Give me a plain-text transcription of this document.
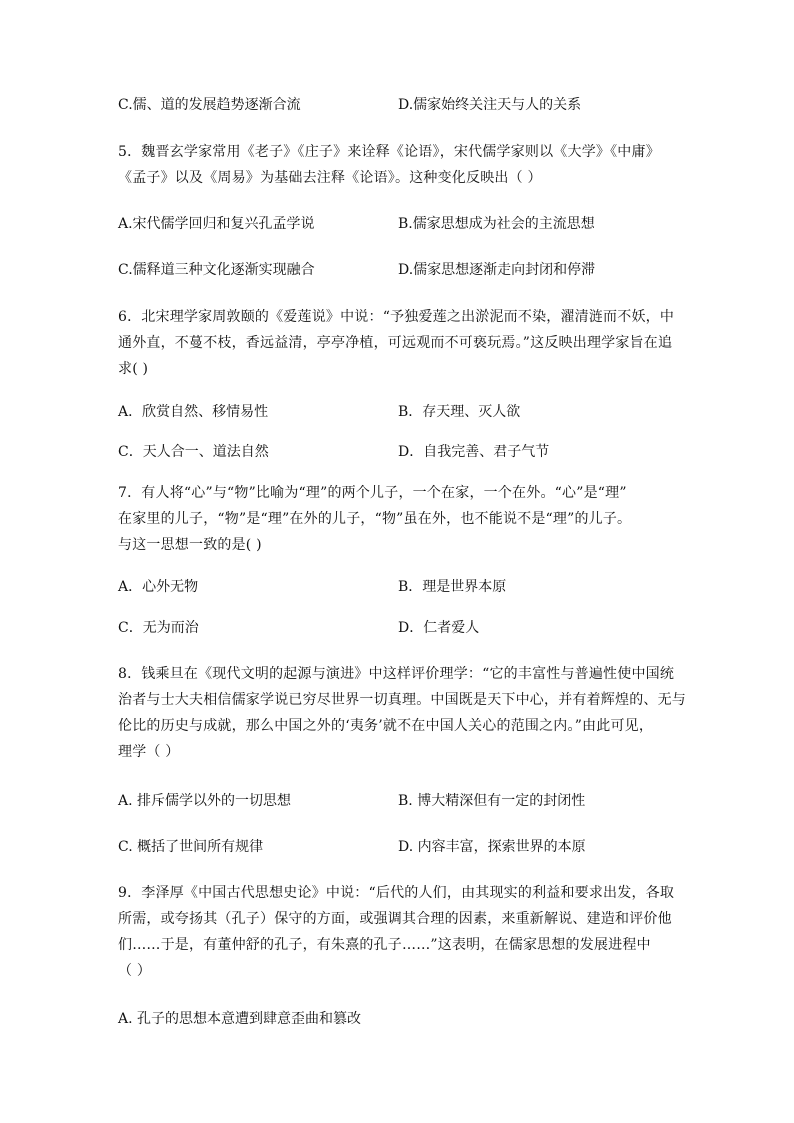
C.儒、道的发展趋势逐渐合流	D.儒家始终关注天与人的关系
5．魏晋玄学家常用《老子》《庄子》来诠释《论语》，宋代儒学家则以《大学》《中庸》
《孟子》以及《周易》为基础去注释《论语》。这种变化反映出（ ）
A.宋代儒学回归和复兴孔孟学说	B.儒家思想成为社会的主流思想
C.儒释道三种文化逐渐实现融合	D.儒家思想逐渐走向封闭和停滞
6．北宋理学家周敦颐的《爱莲说》中说：“予独爱莲之出淤泥而不染，濯清涟而不妖，中
通外直，不蔓不枝，香远益清，亭亭净植，可远观而不可亵玩焉。”这反映出理学家旨在追
求( )
A．欣赏自然、移情易性	B．存天理、灭人欲
C．天人合一、道法自然	D．自我完善、君子气节
7．有人将“心”与“物”比喻为“理”的两个儿子，一个在家，一个在外。“心”是“理”
在家里的儿子，“物”是“理”在外的儿子，“物”虽在外，也不能说不是“理”的儿子。
与这一思想一致的是( )
A．心外无物	B．理是世界本原
C．无为而治	D．仁者爱人
8．钱乘旦在《现代文明的起源与演进》中这样评价理学：“它的丰富性与普遍性使中国统
治者与士大夫相信儒家学说已穷尽世界一切真理。中国既是天下中心，并有着辉煌的、无与
伦比的历史与成就，那么中国之外的‘夷务’就不在中国人关心的范围之内。”由此可见，
理学（ ）
A. 排斥儒学以外的一切思想	B. 博大精深但有一定的封闭性
C. 概括了世间所有规律	D. 内容丰富，探索世界的本原
9．李泽厚《中国古代思想史论》中说：“后代的人们，由其现实的利益和要求出发，各取
所需，或夸扬其（孔子）保守的方面，或强调其合理的因素，来重新解说、建造和评价他
们……于是，有董仲舒的孔子，有朱熹的孔子……”这表明，在儒家思想的发展进程中
（ ）
A. 孔子的思想本意遭到肆意歪曲和篡改
